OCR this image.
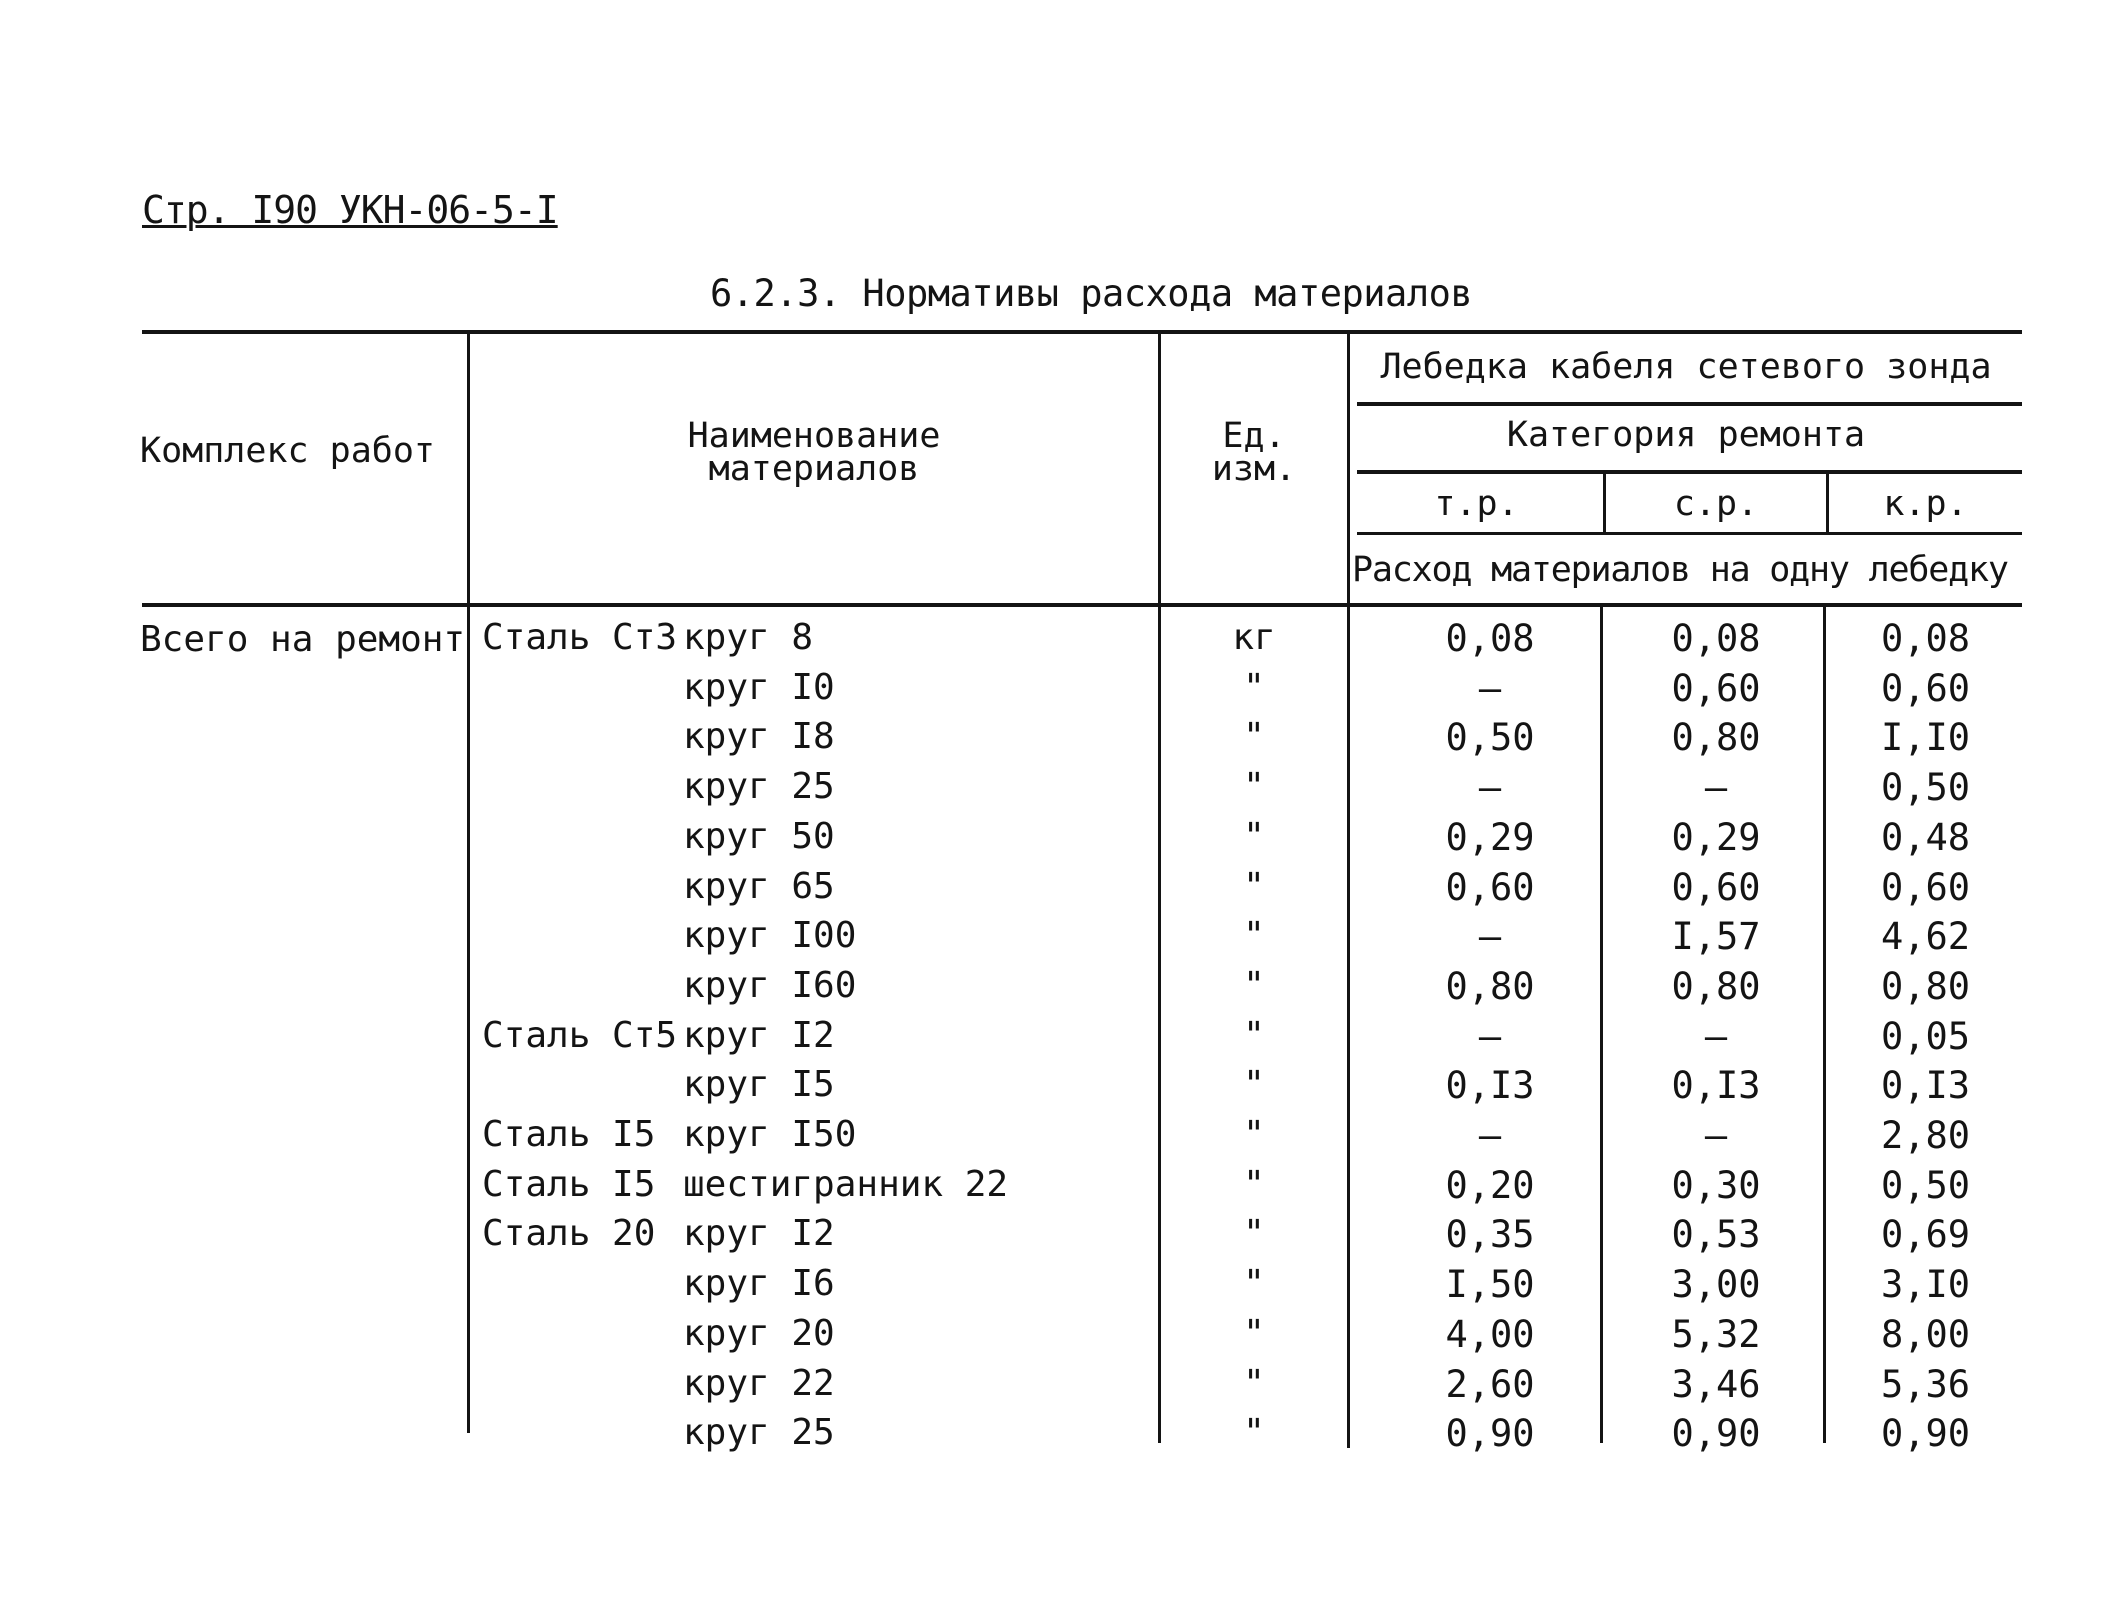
Стр. I90 УКН-06-5-I
6.2.3. Нормативы расхода материалов
Комплекс работ	Наименование
материалов
Ед.
изм.
Лебедка кабеля сетевого зонда
Категория ремонта
т.р.	с.р.	к.р.
Расход материалов на одну лебедку
Всего на ремонт Сталь Ст3 круг 8	кг	0,08	0,08	0,08
круг I0	"	–	0,60	0,60
круг I8	"	0,50	0,80	I,I0
круг 25	"	–	–	0,50
круг 50	"	0,29	0,29	0,48
круг 65	"	0,60	0,60	0,60
круг I00	"	–	I,57	4,62
круг I60	"	0,80	0,80	0,80
Сталь Ст5 круг I2	"	–	–	0,05
круг I5	"	0,I3	0,I3	0,I3
Сталь I5 круг I50	"	–	–	2,80
Сталь I5 шестигранник 22	"	0,20	0,30	0,50
Сталь 20 круг I2	"	0,35	0,53	0,69
круг I6	"	I,50	3,00	3,I0
круг 20	"	4,00	5,32	8,00
круг 22	"	2,60	3,46	5,36
круг 25	"	0,90	0,90	0,90
